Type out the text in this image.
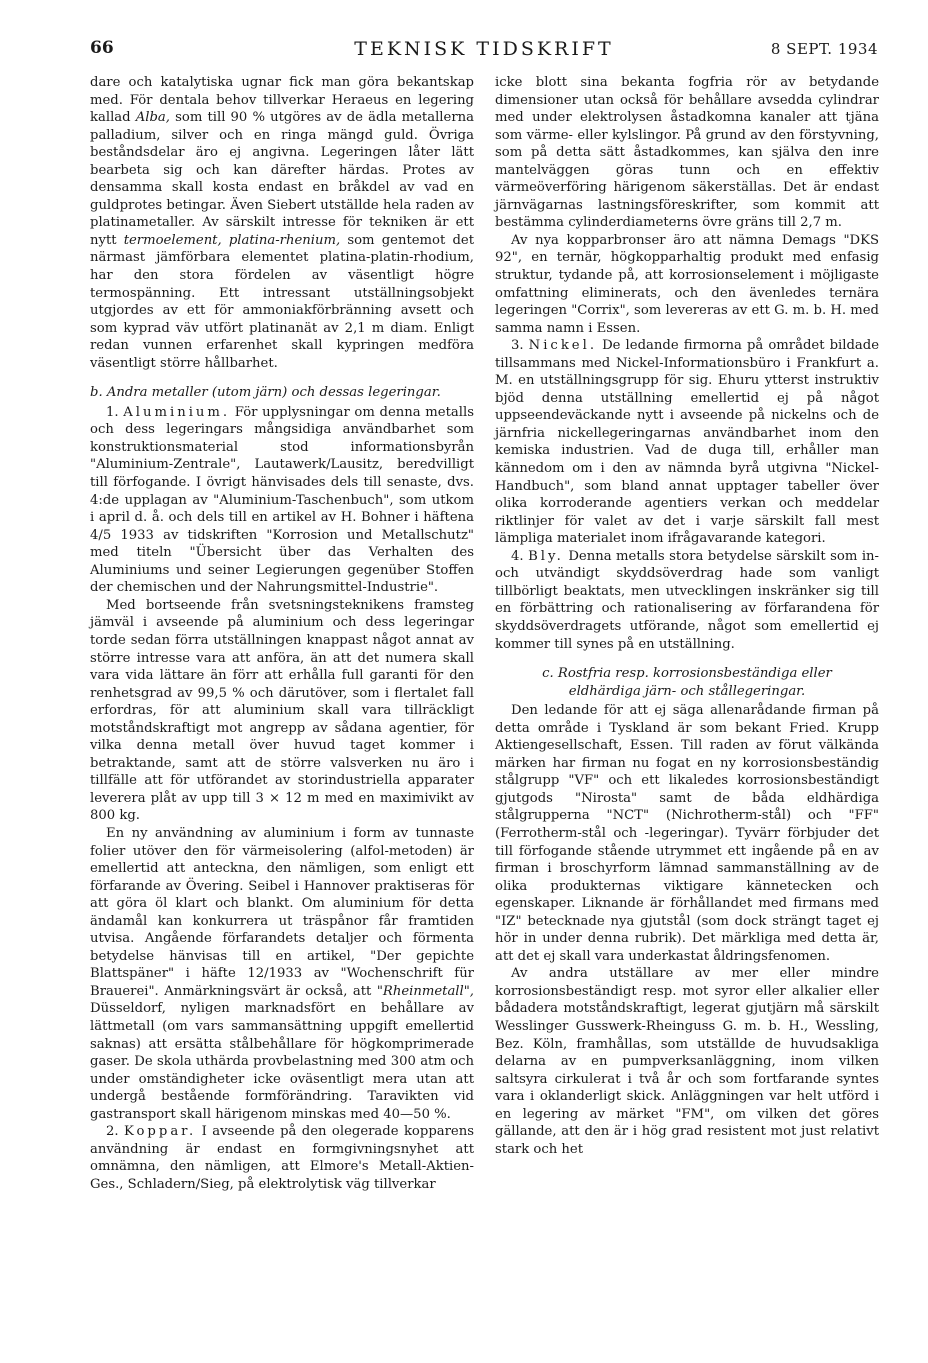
66	TEKNISK TIDSKRIFT	8 SEPT. 1934

dare och katalytiska ugnar fick man göra bekantskap med. För dentala behov tillverkar Heraeus en legering kallad Alba, som till 90 % utgöres av de ädla metallerna palladium, silver och en ringa mängd guld. Övriga beståndsdelar äro ej angivna. Legeringen låter lätt bearbeta sig och kan därefter härdas. Protes av densamma skall kosta endast en bråkdel av vad en guldprotes betingar. Även Siebert utställde hela raden av platinametaller. Av särskilt intresse för tekniken är ett nytt termoelement, platina-rhenium, som gentemot det närmast jämförbara elementet platina-platin-rhodium, har den stora fördelen av väsentligt högre termospänning. Ett intressant utställningsobjekt utgjordes av ett för ammoniakförbränning avsett och som kyprad väv utfört platinanät av 2,1 m diam. Enligt redan vunnen erfarenhet skall kypringen medföra väsentligt större hållbarhet.

b. Andra metaller (utom järn) och dessas legeringar.

1. Aluminium. För upplysningar om denna metalls och dess legeringars mångsidiga användbarhet som konstruktionsmaterial stod informationsbyrån "Aluminium-Zentrale", Lautawerk/Lausitz, beredvilligt till förfogande. I övrigt hänvisades dels till senaste, dvs. 4:de upplagan av "Aluminium-Taschenbuch", som utkom i april d. å. och dels till en artikel av H. Bohner i häftena 4/5 1933 av tidskriften "Korrosion und Metallschutz" med titeln "Übersicht über das Verhalten des Aluminiums und seiner Legierungen gegenüber Stoffen der chemischen und der Nahrungsmittel-Industrie".

Med bortseende från svetsningsteknikens framsteg jämväl i avseende på aluminium och dess legeringar torde sedan förra utställningen knappast något annat av större intresse vara att anföra, än att det numera skall vara vida lättare än förr att erhålla full garanti för den renhetsgrad av 99,5 % och därutöver, som i flertalet fall erfordras, för att aluminium skall vara tillräckligt motståndskraftigt mot angrepp av sådana agentier, för vilka denna metall över huvud taget kommer i betraktande, samt att de större valsverken nu äro i tillfälle att för utförandet av storindustriella apparater leverera plåt av upp till 3 × 12 m med en maximivikt av 800 kg.

En ny användning av aluminium i form av tunnaste folier utöver den för värmeisolering (alfol-metoden) är emellertid att anteckna, den nämligen, som enligt ett förfarande av Övering. Seibel i Hannover praktiseras för att göra öl klart och blankt. Om aluminium för detta ändamål kan konkurrera ut träspånor får framtiden utvisa. Angående förfarandets detaljer och förmenta betydelse hänvisas till en artikel, "Der gepichte Blattspäner" i häfte 12/1933 av "Wochenschrift für Brauerei". Anmärkningsvärt är också, att "Rheinmetall", Düsseldorf, nyligen marknadsfört en behållare av lättmetall (om vars sammansättning uppgift emellertid saknas) att ersätta stålbehållare för högkomprimerade gaser. De skola uthärda provbelastning med 300 atm och under omständigheter icke oväsentligt mera utan att undergå bestående formförändring. Taravikten vid gastransport skall härigenom minskas med 40—50 %.

2. Koppar. I avseende på den olegerade kopparens användning är endast en formgivningsnyhet att omnämna, den nämligen, att Elmore's Metall-Aktien-Ges., Schladern/Sieg, på elektrolytisk väg tillverkar

icke blott sina bekanta fogfria rör av betydande dimensioner utan också för behållare avsedda cylindrar med under elektrolysen åstadkomna kanaler att tjäna som värme- eller kylslingor. På grund av den förstyvning, som på detta sätt åstadkommes, kan själva den inre mantelväggen göras tunn och en effektiv värmeöverföring härigenom säkerställas. Det är endast järnvägarnas lastningsföreskrifter, som kommit att bestämma cylinderdiameterns övre gräns till 2,7 m.

Av nya kopparbronser äro att nämna Demags "DKS 92", en ternär, högkopparhaltig produkt med enfasig struktur, tydande på, att korrosionselement i möjligaste omfattning eliminerats, och den ävenledes ternära legeringen "Corrix", som levereras av ett G. m. b. H. med samma namn i Essen.

3. Nickel. De ledande firmorna på området bildade tillsammans med Nickel-Informationsbüro i Frankfurt a. M. en utställningsgrupp för sig. Ehuru ytterst instruktiv bjöd denna utställning emellertid ej på något uppseendeväckande nytt i avseende på nickelns och de järnfria nickellegeringarnas användbarhet inom den kemiska industrien. Vad de duga till, erhåller man kännedom om i den av nämnda byrå utgivna "Nickel-Handbuch", som bland annat upptager tabeller över olika korroderande agentiers verkan och meddelar riktlinjer för valet av det i varje särskilt fall mest lämpliga materialet inom ifrågavarande kategori.

4. Bly. Denna metalls stora betydelse särskilt som in- och utvändigt skyddsöverdrag hade som vanligt tillbörligt beaktats, men utvecklingen inskränker sig till en förbättring och rationalisering av förfarandena för skyddsöverdragets utförande, något som emellertid ej kommer till synes på en utställning.

c. Rostfria resp. korrosionsbeständiga eller eldhärdiga järn- och stållegeringar.

Den ledande för att ej säga allenarådande firman på detta område i Tyskland är som bekant Fried. Krupp Aktiengesellschaft, Essen. Till raden av förut välkända märken har firman nu fogat en ny korrosionsbeständig stålgrupp "VF" och ett likaledes korrosionsbeständigt gjutgods "Nirosta" samt de båda eldhärdiga stålgrupperna "NCT" (Nichrotherm-stål) och "FF" (Ferrotherm-stål och -legeringar). Tyvärr förbjuder det till förfogande stående utrymmet ett ingående på en av firman i broschyrform lämnad sammanställning av de olika produkternas viktigare kännetecken och egenskaper. Liknande är förhållandet med firmans med "IZ" betecknade nya gjutstål (som dock strängt taget ej hör in under denna rubrik). Det märkliga med detta är, att det ej skall vara underkastat åldringsfenomen.

Av andra utställare av mer eller mindre korrosionsbeständigt resp. mot syror eller alkalier eller bådadera motståndskraftigt, legerat gjutjärn må särskilt Wesslinger Gusswerk-Rheinguss G. m. b. H., Wessling, Bez. Köln, framhållas, som utställde de huvudsakliga delarna av en pumpverksanläggning, inom vilken saltsyra cirkulerat i två år och som fortfarande syntes vara i oklanderligt skick. Anläggningen var helt utförd i en legering av märket "FM", om vilken det göres gällande, att den är i hög grad resistent mot just relativt stark och het
